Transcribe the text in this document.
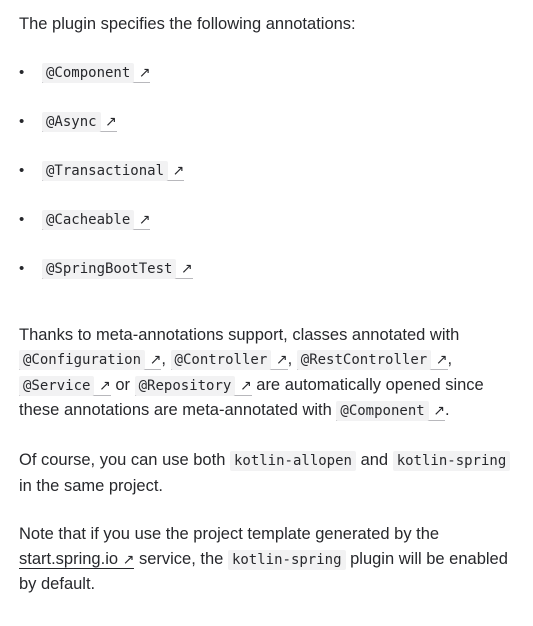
The plugin specifies the following annotations:

• @Component ↗
• @Async ↗
• @Transactional ↗
• @Cacheable ↗
• @SpringBootTest ↗

Thanks to meta-annotations support, classes annotated with
@Configuration ↗, @Controller ↗, @RestController ↗,
@Service ↗ or @Repository ↗ are automatically opened since these annotations are meta-annotated with @Component ↗.

Of course, you can use both kotlin-allopen and kotlin-spring in the same project.

Note that if you use the project template generated by the
start.spring.io ↗ service, the kotlin-spring plugin will be enabled by default.
